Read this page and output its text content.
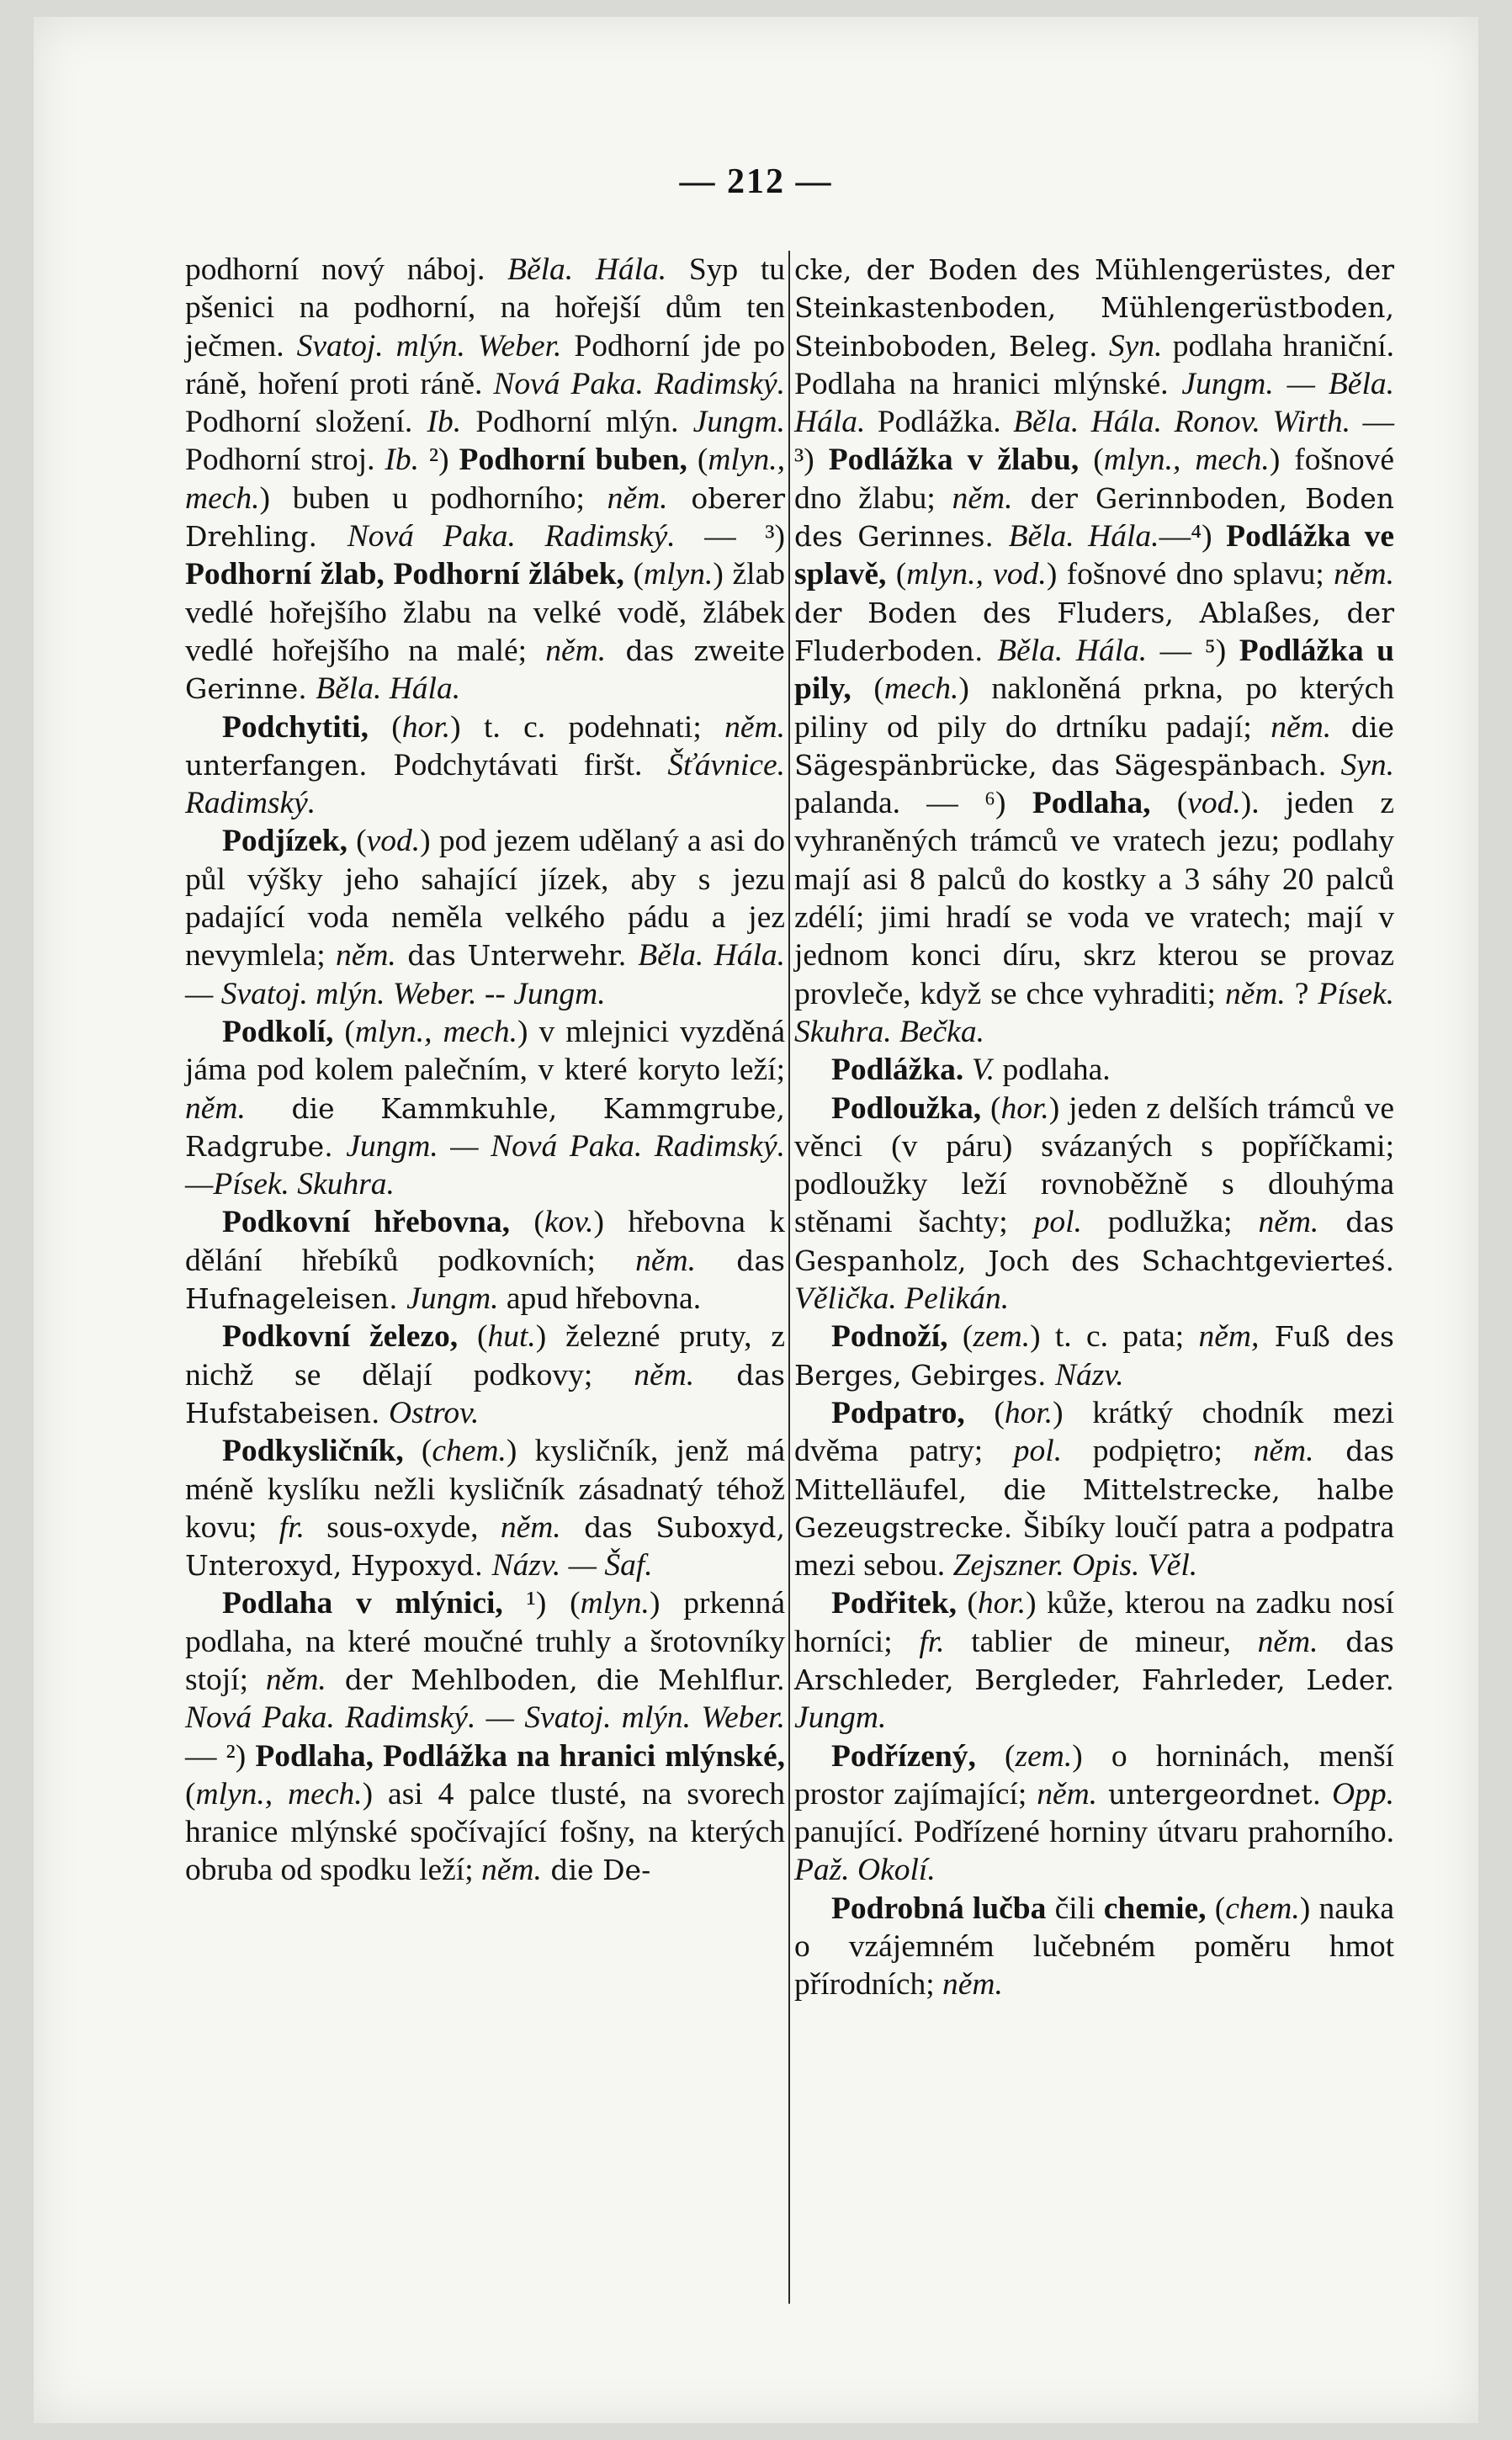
— 212 —

podhorní nový náboj. Běla. Hála. Syp tu pšenici na podhorní, na hořejší dům ten ječmen. Svatoj. mlýn. Weber. Podhorní jde po ráně, hoření proti ráně. Nová Paka. Radimský. Podhorní složení. Ib. Podhorní mlýn. Jungm. Podhorní stroj. Ib. ²) Podhorní buben, (mlyn., mech.) buben u podhorního; něm. oberer Drehling. Nová Paka. Radimský. — ³) Podhorní žlab, Podhorní žlábek, (mlyn.) žlab vedlé hořejšího žlabu na velké vodě, žlábek vedlé hořejšího na malé; něm. das zweite Gerinne. Běla. Hála.

Podchytiti, (hor.) t. c. podehnati; něm. unterfangen. Podchytávati firšt. Šťávnice. Radimský.

Podjízek, (vod.) pod jezem udělaný a asi do půl výšky jeho sahající jízek, aby s jezu padající voda neměla velkého pádu a jez nevymlela; něm. das Unterwehr. Běla. Hála. — Svatoj. mlýn. Weber. -- Jungm.

Podkolí, (mlyn., mech.) v mlejnici vyzděná jáma pod kolem palečním, v které koryto leží; něm. die Kammkuhle, Kammgrube, Radgrube. Jungm. — Nová Paka. Radimský. —Písek. Skuhra.

Podkovní hřebovna, (kov.) hřebovna k dělání hřebíků podkovních; něm. das Hufnageleisen. Jungm. apud hřebovna.

Podkovní železo, (hut.) železné pruty, z nichž se dělají podkovy; něm. das Hufstabeisen. Ostrov.

Podkysličník, (chem.) kysličník, jenž má méně kyslíku nežli kysličník zásadnatý téhož kovu; fr. sous-oxyde, něm. das Suboxyd, Unteroxyd, Hypoxyd. Názv. — Šaf.

Podlaha v mlýnici, ¹) (mlyn.) prkenná podlaha, na které moučné truhly a šrotovníky stojí; něm. der Mehlboden, die Mehlflur. Nová Paka. Radimský. — Svatoj. mlýn. Weber. — ²) Podlaha, Podlážka na hranici mlýnské, (mlyn., mech.) asi 4 palce tlusté, na svorech hranice mlýnské spočívající fošny, na kterých obruba od spodku leží; něm. die De-

cke, der Boden des Mühlengerüstes, der Steinkastenboden, Mühlengerüstboden, Steinboboden, Beleg. Syn. podlaha hraniční. Podlaha na hranici mlýnské. Jungm. — Běla. Hála. Podlážka. Běla. Hála. Ronov. Wirth. — ³) Podlážka v žlabu, (mlyn., mech.) fošnové dno žlabu; něm. der Gerinnboden, Boden des Gerinnes. Běla. Hála.—⁴) Podlážka ve splavě, (mlyn., vod.) fošnové dno splavu; něm. der Boden des Fluders, Ablaßes, der Fluderboden. Běla. Hála. — ⁵) Podlážka u pily, (mech.) nakloněná prkna, po kterých piliny od pily do drtníku padají; něm. die Sägespänbrücke, das Sägespänbach. Syn. palanda. — ⁶) Podlaha, (vod.). jeden z vyhraněných trámců ve vratech jezu; podlahy mají asi 8 palců do kostky a 3 sáhy 20 palců zdélí; jimi hradí se voda ve vratech; mají v jednom konci díru, skrz kterou se provaz provleče, když se chce vyhraditi; něm. ? Písek. Skuhra. Bečka.

Podlážka. V. podlaha.

Podloužka, (hor.) jeden z delších trámců ve věnci (v páru) svázaných s popříčkami; podloužky leží rovnoběžně s dlouhýma stěnami šachty; pol. podlužka; něm. das Gespanholz, Joch des Schachtgevierteś. Vělička. Pelikán.

Podnoží, (zem.) t. c. pata; něm, Fuß des Berges, Gebirges. Názv.

Podpatro, (hor.) krátký chodník mezi dvěma patry; pol. podpiętro; něm. das Mittelläufel, die Mittelstrecke, halbe Gezeugstrecke. Šibíky loučí patra a podpatra mezi sebou. Zejszner. Opis. Věl.

Podřitek, (hor.) kůže, kterou na zadku nosí horníci; fr. tablier de mineur, něm. das Arschleder, Bergleder, Fahrleder, Leder. Jungm.

Podřízený, (zem.) o horninách, menší prostor zajímající; něm. untergeordnet. Opp. panující. Podřízené horniny útvaru prahorního. Paž. Okolí.

Podrobná lučba čili chemie, (chem.) nauka o vzájemném lučebném poměru hmot přírodních; něm.
